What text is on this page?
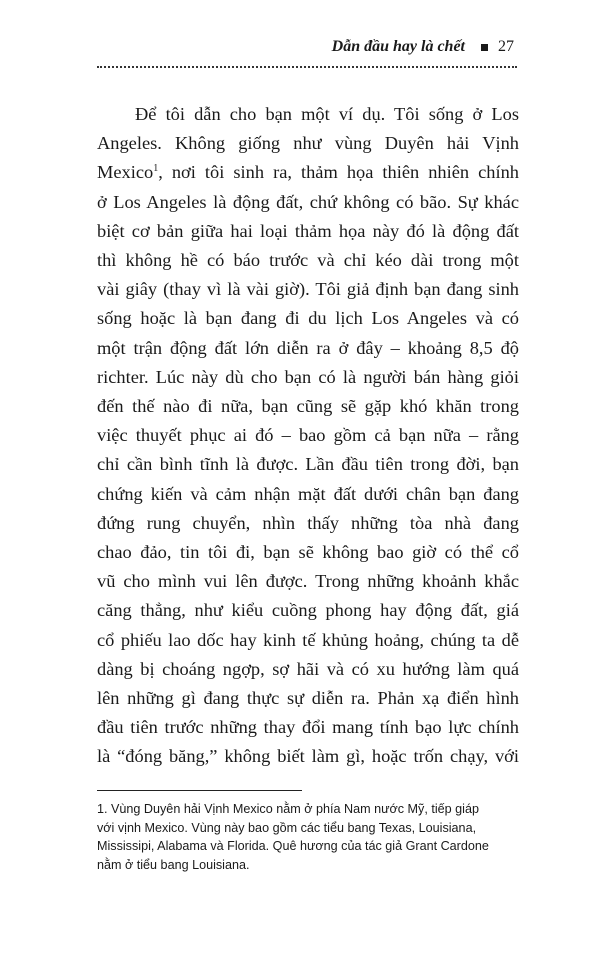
Dẫn đầu hay là chết 27
Để tôi dẫn cho bạn một ví dụ. Tôi sống ở Los
Angeles. Không giống như vùng Duyên hải Vịnh
Mexico$^1$, nơi tôi sinh ra, thảm họa thiên nhiên chính
ở Los Angeles là động đất, chứ không có bão. Sự khác
biệt cơ bản giữa hai loại thảm họa này đó là động đất
thì không hề có báo trước và chỉ kéo dài trong một
vài giây (thay vì là vài giờ). Tôi giả định bạn đang sinh
sống hoặc là bạn đang đi du lịch Los Angeles và có
một trận động đất lớn diễn ra ở đây – khoảng 8,5 độ
richter. Lúc này dù cho bạn có là người bán hàng giỏi
đến thế nào đi nữa, bạn cũng sẽ gặp khó khăn trong
việc thuyết phục ai đó – bao gồm cả bạn nữa – rằng
chỉ cần bình tĩnh là được. Lần đầu tiên trong đời, bạn
chứng kiến và cảm nhận mặt đất dưới chân bạn đang
đứng rung chuyển, nhìn thấy những tòa nhà đang
chao đảo, tin tôi đi, bạn sẽ không bao giờ có thể cổ
vũ cho mình vui lên được. Trong những khoảnh khắc
căng thẳng, như kiểu cuồng phong hay động đất, giá
cổ phiếu lao dốc hay kinh tế khủng hoảng, chúng ta dễ
dàng bị choáng ngợp, sợ hãi và có xu hướng làm quá
lên những gì đang thực sự diễn ra. Phản xạ điển hình
đầu tiên trước những thay đổi mang tính bạo lực chính
là “đóng băng,” không biết làm gì, hoặc trốn chạy, với
1. Vùng Duyên hải Vịnh Mexico nằm ở phía Nam nước Mỹ, tiếp giáp
với vịnh Mexico. Vùng này bao gồm các tiểu bang Texas, Louisiana,
Mississipi, Alabama và Florida. Quê hương của tác giả Grant Cardone
nằm ở tiểu bang Louisiana.
